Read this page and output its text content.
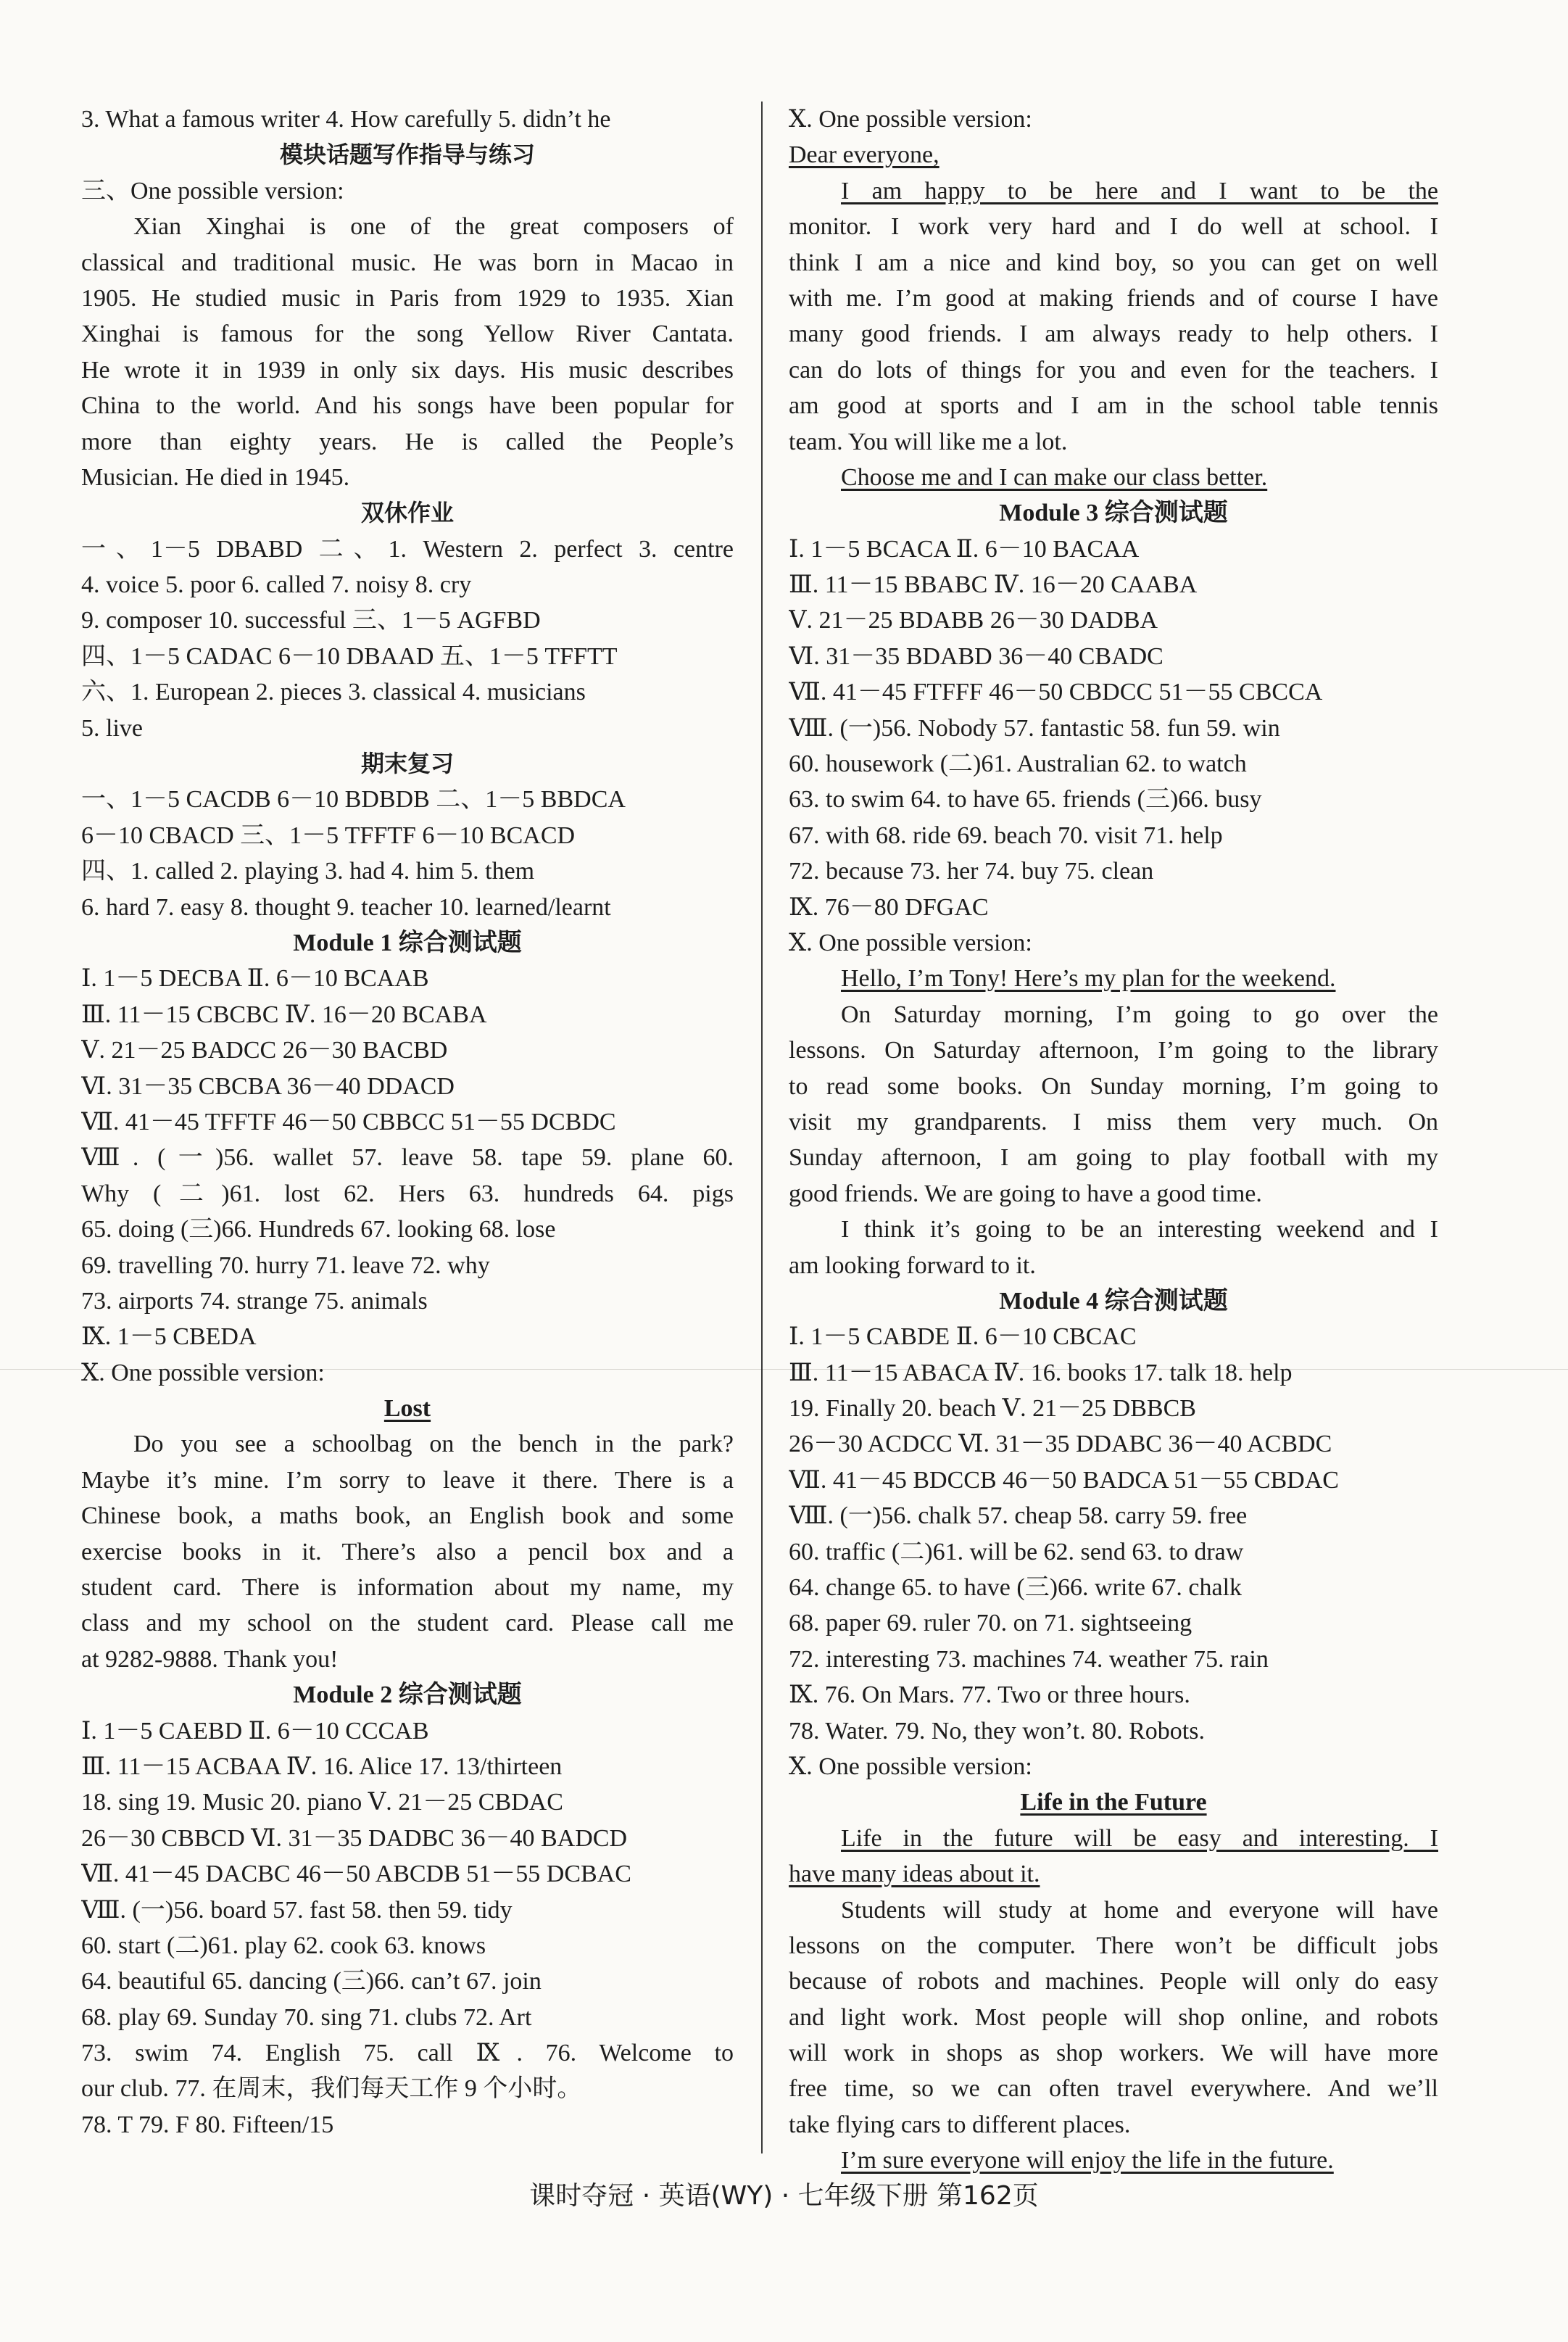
3. What a famous writer 4. How carefully 5. didn’t he
模块话题写作指导与练习
三、One possible version:
Xian Xinghai is one of the great composers of
classical and traditional music. He was born in Macao in
1905. He studied music in Paris from 1929 to 1935. Xian
Xinghai is famous for the song Yellow River Cantata.
He wrote it in 1939 in only six days. His music describes
China to the world. And his songs have been popular for
more than eighty years. He is called the People’s
Musician. He died in 1945.
双休作业
一、1－5 DBABD 二、1. Western 2. perfect 3. centre
4. voice 5. poor 6. called 7. noisy 8. cry
9. composer 10. successful 三、1－5 AGFBD
四、1－5 CADAC 6－10 DBAAD 五、1－5 TFFTT
六、1. European 2. pieces 3. classical 4. musicians
5. live
期末复习
一、1－5 CACDB 6－10 BDBDB 二、1－5 BBDCA
6－10 CBACD 三、1－5 TFFTF 6－10 BCACD
四、1. called 2. playing 3. had 4. him 5. them
6. hard 7. easy 8. thought 9. teacher 10. learned/learnt
Module 1 综合测试题
Ⅰ. 1－5 DECBA Ⅱ. 6－10 BCAAB
Ⅲ. 11－15 CBCBC Ⅳ. 16－20 BCABA
Ⅴ. 21－25 BADCC 26－30 BACBD
Ⅵ. 31－35 CBCBA 36－40 DDACD
Ⅶ. 41－45 TFFTF 46－50 CBBCC 51－55 DCBDC
Ⅷ. (一)56. wallet 57. leave 58. tape 59. plane 60.
Why (二)61. lost 62. Hers 63. hundreds 64. pigs
65. doing (三)66. Hundreds 67. looking 68. lose
69. travelling 70. hurry 71. leave 72. why
73. airports 74. strange 75. animals
Ⅸ. 1－5 CBEDA
Ⅹ. One possible version:
Lost
Do you see a schoolbag on the bench in the park?
Maybe it’s mine. I’m sorry to leave it there. There is a
Chinese book, a maths book, an English book and some
exercise books in it. There’s also a pencil box and a
student card. There is information about my name, my
class and my school on the student card. Please call me
at 9282-9888. Thank you!
Module 2 综合测试题
Ⅰ. 1－5 CAEBD Ⅱ. 6－10 CCCAB
Ⅲ. 11－15 ACBAA Ⅳ. 16. Alice 17. 13/thirteen
18. sing 19. Music 20. piano Ⅴ. 21－25 CBDAC
26－30 CBBCD Ⅵ. 31－35 DADBC 36－40 BADCD
Ⅶ. 41－45 DACBC 46－50 ABCDB 51－55 DCBAC
Ⅷ. (一)56. board 57. fast 58. then 59. tidy
60. start (二)61. play 62. cook 63. knows
64. beautiful 65. dancing (三)66. can’t 67. join
68. play 69. Sunday 70. sing 71. clubs 72. Art
73. swim 74. English 75. call Ⅸ. 76. Welcome to
our club. 77. 在周末，我们每天工作 9 个小时。
78. T 79. F 80. Fifteen/15
Ⅹ. One possible version:
Dear everyone,
I am happy to be here and I want to be the
monitor. I work very hard and I do well at school. I
think I am a nice and kind boy, so you can get on well
with me. I’m good at making friends and of course I have
many good friends. I am always ready to help others. I
can do lots of things for you and even for the teachers. I
am good at sports and I am in the school table tennis
team. You will like me a lot.
Choose me and I can make our class better.
Module 3 综合测试题
Ⅰ. 1－5 BCACA Ⅱ. 6－10 BACAA
Ⅲ. 11－15 BBABC Ⅳ. 16－20 CAABA
Ⅴ. 21－25 BDABB 26－30 DADBA
Ⅵ. 31－35 BDABD 36－40 CBADC
Ⅶ. 41－45 FTFFF 46－50 CBDCC 51－55 CBCCA
Ⅷ. (一)56. Nobody 57. fantastic 58. fun 59. win
60. housework (二)61. Australian 62. to watch
63. to swim 64. to have 65. friends (三)66. busy
67. with 68. ride 69. beach 70. visit 71. help
72. because 73. her 74. buy 75. clean
Ⅸ. 76－80 DFGAC
Ⅹ. One possible version:
Hello, I’m Tony! Here’s my plan for the weekend.
On Saturday morning, I’m going to go over the
lessons. On Saturday afternoon, I’m going to the library
to read some books. On Sunday morning, I’m going to
visit my grandparents. I miss them very much. On
Sunday afternoon, I am going to play football with my
good friends. We are going to have a good time.
I think it’s going to be an interesting weekend and I
am looking forward to it.
Module 4 综合测试题
Ⅰ. 1－5 CABDE Ⅱ. 6－10 CBCAC
Ⅲ. 11－15 ABACA Ⅳ. 16. books 17. talk 18. help
19. Finally 20. beach Ⅴ. 21－25 DBBCB
26－30 ACDCC Ⅵ. 31－35 DDABC 36－40 ACBDC
Ⅶ. 41－45 BDCCB 46－50 BADCA 51－55 CBDAC
Ⅷ. (一)56. chalk 57. cheap 58. carry 59. free
60. traffic (二)61. will be 62. send 63. to draw
64. change 65. to have (三)66. write 67. chalk
68. paper 69. ruler 70. on 71. sightseeing
72. interesting 73. machines 74. weather 75. rain
Ⅸ. 76. On Mars. 77. Two or three hours.
78. Water. 79. No, they won’t. 80. Robots.
Ⅹ. One possible version:
Life in the Future
Life in the future will be easy and interesting. I
have many ideas about it.
Students will study at home and everyone will have
lessons on the computer. There won’t be difficult jobs
because of robots and machines. People will only do easy
and light work. Most people will shop online, and robots
will work in shops as shop workers. We will have more
free time, so we can often travel everywhere. And we’ll
take flying cars to different places.
I’m sure everyone will enjoy the life in the future.
课时夺冠 · 英语(WY) · 七年级下册 第162页
